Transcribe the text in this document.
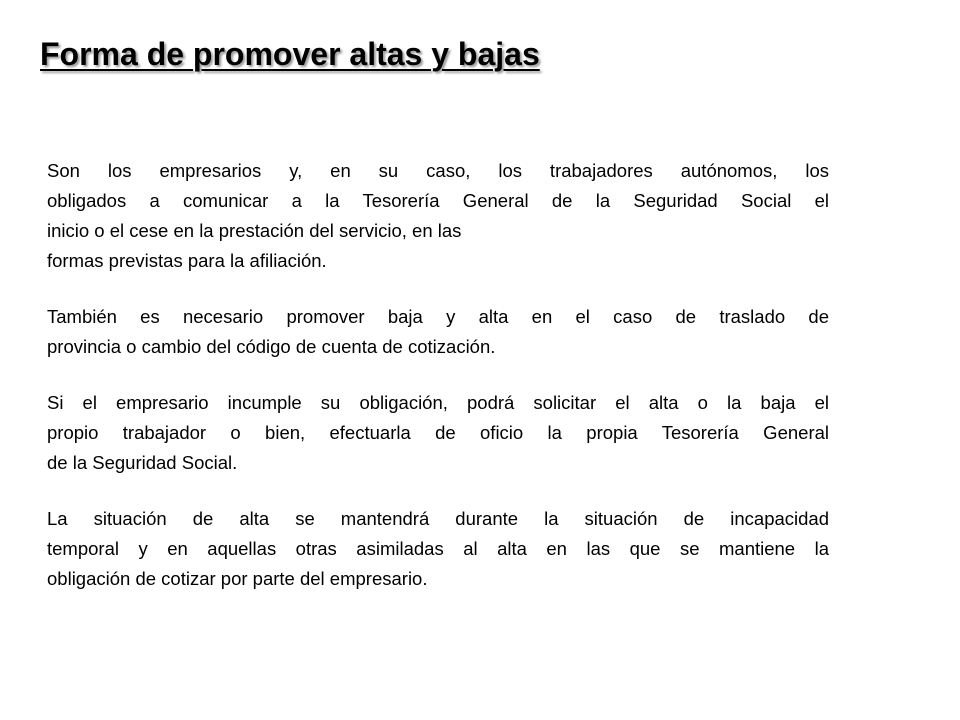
Forma de promover altas y bajas

Son los empresarios y, en su caso, los trabajadores autónomos, los
obligados a comunicar a la Tesorería General de la Seguridad Social el
inicio o el cese en la prestación del servicio, en las
formas previstas para la afiliación.

También es necesario promover baja y alta en el caso de traslado de
provincia o cambio del código de cuenta de cotización.

Si el empresario incumple su obligación, podrá solicitar el alta o la baja el
propio trabajador o bien, efectuarla de oficio la propia Tesorería General
de la Seguridad Social.

La situación de alta se mantendrá durante la situación de incapacidad
temporal y en aquellas otras asimiladas al alta en las que se mantiene la
obligación de cotizar por parte del empresario.
